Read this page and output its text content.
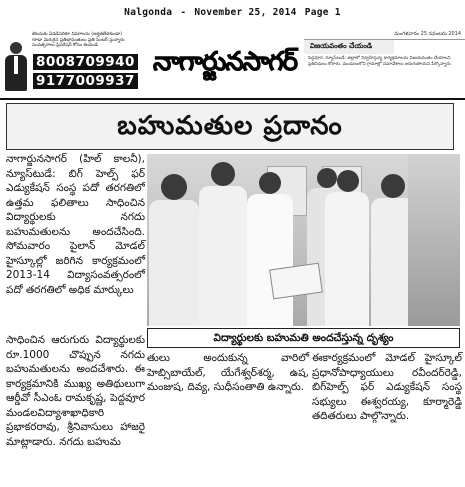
Nalgonda - November 25, 2014 Page 1
టెటనుకు ఏడడిసరికూ వివరాలను (అర్హతలేదకుండా)
గూడా మెరుగైన ప్రతిభావంతులు ప్రతి సెంటర్ స్తున్నారు
సంవత్సరాలు ప్రిపరేషన్ కోసం కలవండి
8008709940
9177009937
నాగార్జునసాగర్
మంగళవారం 25 నవంబరు 2014
విజయవంతం చేయండి
పెద్దవూర, న్యూస్‌టుడే: జిల్లాలో నిర్వహిస్తున్న కార్యక్రమాలను విజయవంతం చేయాలని ప్రతినిధులు కోరారు. మండలంలోని గ్రామాల్లో సమావేశాలు జరుగుతాయని పేర్కొన్నారు.
బహుమతుల ప్రదానం

నాగార్జునసాగర్ (హిల్ కాలనీ), న్యూస్‌టుడే: బిగ్ హెల్ప్ ఫర్ ఎడ్యుకేషన్ సంస్థ పదో తరగతిలో ఉత్తమ ఫలితాలు సాధించిన విద్యార్థులకు నగదు బహుమతులను అందచేసింది. సోమవారం పైలాన్ మోడల్ హైస్కూల్లో జరిగిన కార్యక్రమంలో 2013-14 విద్యాసంవత్సరంలో పదో తరగతిలో అధిక మార్కులు

విద్యార్థులకు బహుమతి అందచేస్తున్న దృశ్యం

సాధించిన ఆరుగురు విద్యార్థులకు రూ.1000 చొప్పున నగదు బహుమతులను అందచేశారు. ఈ కార్యక్రమానికి ముఖ్య అతిథులుగా ఆర్డీవో సీఎంఓ రామకృష్ణ, పెద్దవూర మండలవిద్యాశాఖాధికారి ప్రభాకరరావు, శ్రీనివాసులు హాజరై మాట్లాడారు. నగదు బహుమ

తులు అందుకున్న వారిలో హెబ్సిబాయేల్, యేగేశ్వర్‌శర్మ, ఉష, మంజుష, దివ్య, సుధీసంతాతి ఉన్నారు.

ఈకార్యక్రమంలో మోడల్ హైస్కూల్ ప్రధానోపాధ్యాయులు రవీందర్‌రెడ్డి, బిగ్‌హెల్ప్ ఫర్ ఎడ్యుకేషన్ సంస్థ సభ్యులు ఈశ్వరయ్య, కూర్మారెడ్డి తదితరులు పాల్గొన్నారు.
